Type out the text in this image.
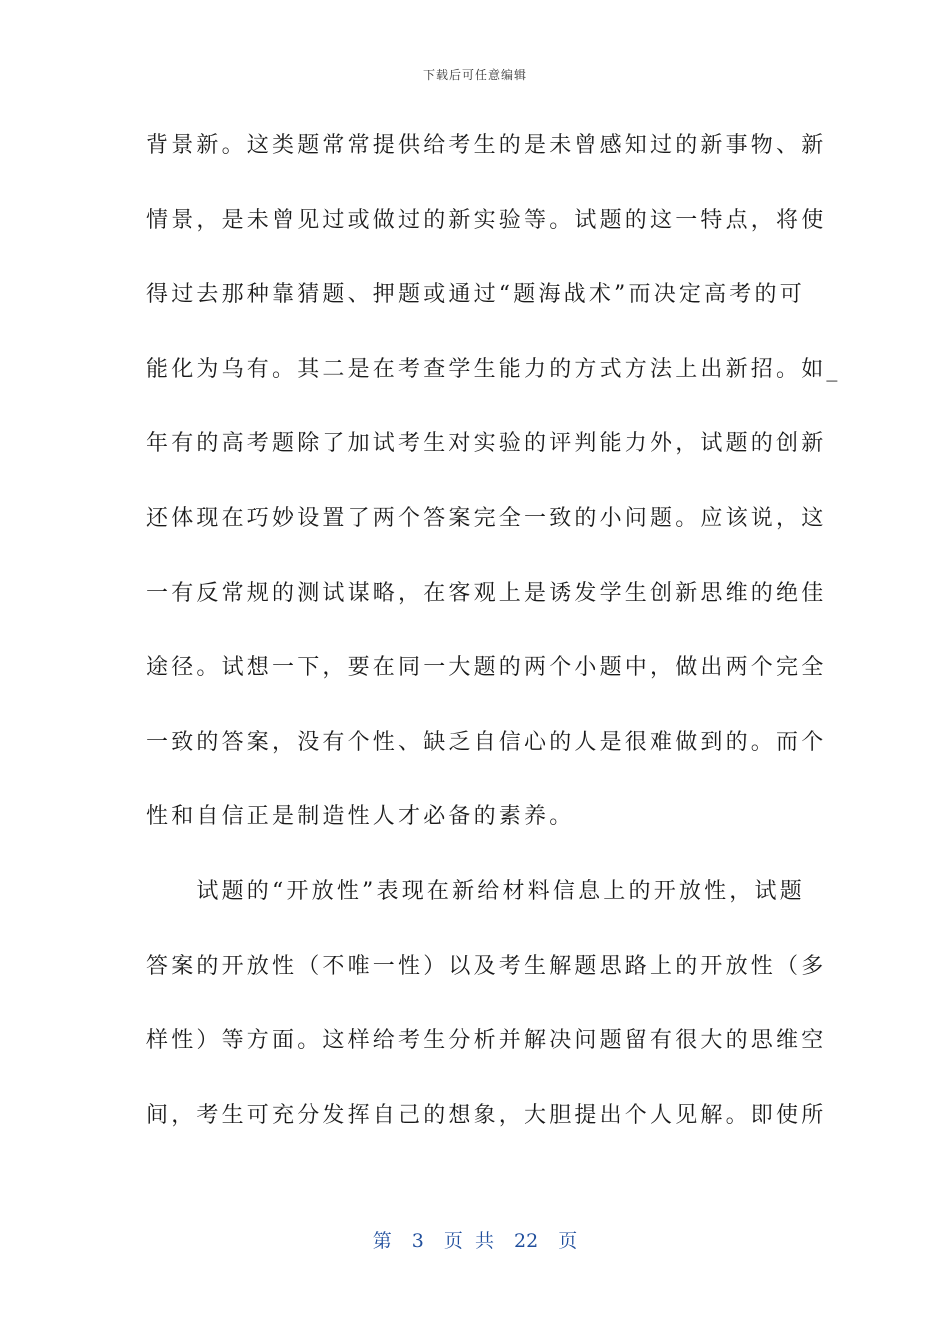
下载后可任意编辑
背景新。这类题常常提供给考生的是未曾感知过的新事物、新
情景，是未曾见过或做过的新实验等。试题的这一特点，将使
得过去那种靠猜题、押题或通过“题海战术”而决定高考的可
能化为乌有。其二是在考查学生能力的方式方法上出新招。如_
年有的高考题除了加试考生对实验的评判能力外，试题的创新
还体现在巧妙设置了两个答案完全一致的小问题。应该说，这
一有反常规的测试谋略，在客观上是诱发学生创新思维的绝佳
途径。试想一下，要在同一大题的两个小题中，做出两个完全
一致的答案，没有个性、缺乏自信心的人是很难做到的。而个
性和自信正是制造性人才必备的素养。
　　试题的“开放性”表现在新给材料信息上的开放性，试题
答案的开放性（不唯一性）以及考生解题思路上的开放性（多
样性）等方面。这样给考生分析并解决问题留有很大的思维空
间，考生可充分发挥自己的想象，大胆提出个人见解。即使所
第 3 页 共 22 页
